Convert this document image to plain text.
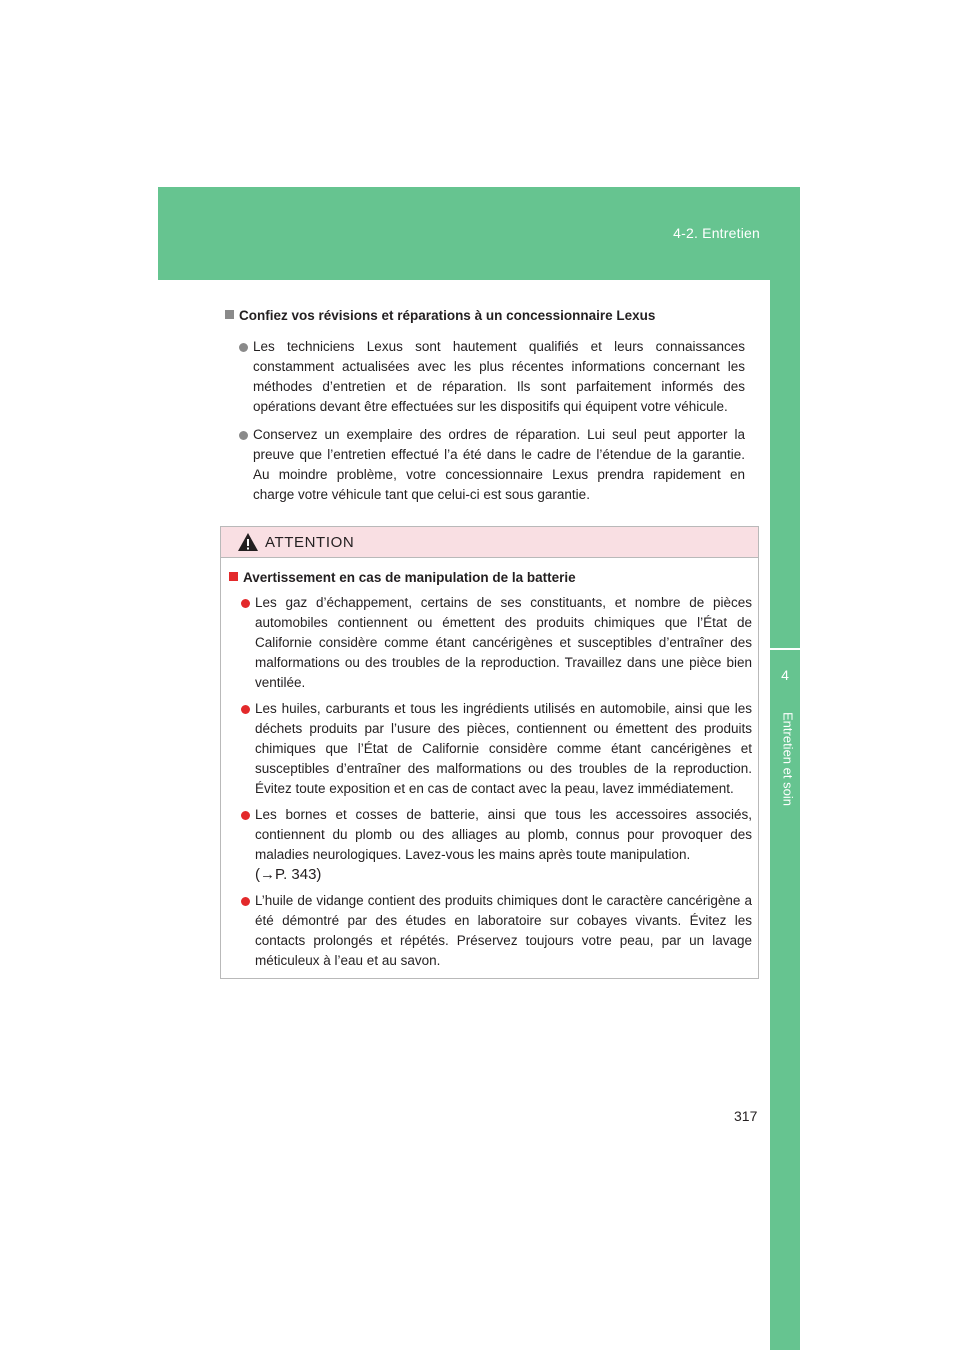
4-2. Entretien
4
Entretien et soin
Confiez vos révisions et réparations à un concessionnaire Lexus
Les techniciens Lexus sont hautement qualifiés et leurs connaissances constamment actualisées avec les plus récentes informations concernant les méthodes d’entretien et de réparation. Ils sont parfaitement informés des opérations devant être effectuées sur les dispositifs qui équipent votre véhicule.
Conservez un exemplaire des ordres de réparation. Lui seul peut apporter la preuve que l’entretien effectué l’a été dans le cadre de l’étendue de la garantie. Au moindre problème, votre concessionnaire Lexus prendra rapidement en charge votre véhicule tant que celui-ci est sous garantie.
ATTENTION
Avertissement en cas de manipulation de la batterie
Les gaz d’échappement, certains de ses constituants, et nombre de pièces automobiles contiennent ou émettent des produits chimiques que l’État de Californie considère comme étant cancérigènes et susceptibles d’entraîner des malformations ou des troubles de la reproduction. Travaillez dans une pièce bien ventilée.
Les huiles, carburants et tous les ingrédients utilisés en automobile, ainsi que les déchets produits par l’usure des pièces, contiennent ou émettent des produits chimiques que l’État de Californie considère comme étant cancérigènes et susceptibles d’entraîner des malformations ou des troubles de la reproduction. Évitez toute exposition et en cas de contact avec la peau, lavez immédiatement.
Les bornes et cosses de batterie, ainsi que tous les accessoires associés, contiennent du plomb ou des alliages au plomb, connus pour provoquer des maladies neurologiques. Lavez-vous les mains après toute manipulation.
(→P. 343)
L’huile de vidange contient des produits chimiques dont le caractère cancérigène a été démontré par des études en laboratoire sur cobayes vivants. Évitez les contacts prolongés et répétés. Préservez toujours votre peau, par un lavage méticuleux à l’eau et au savon.
317
